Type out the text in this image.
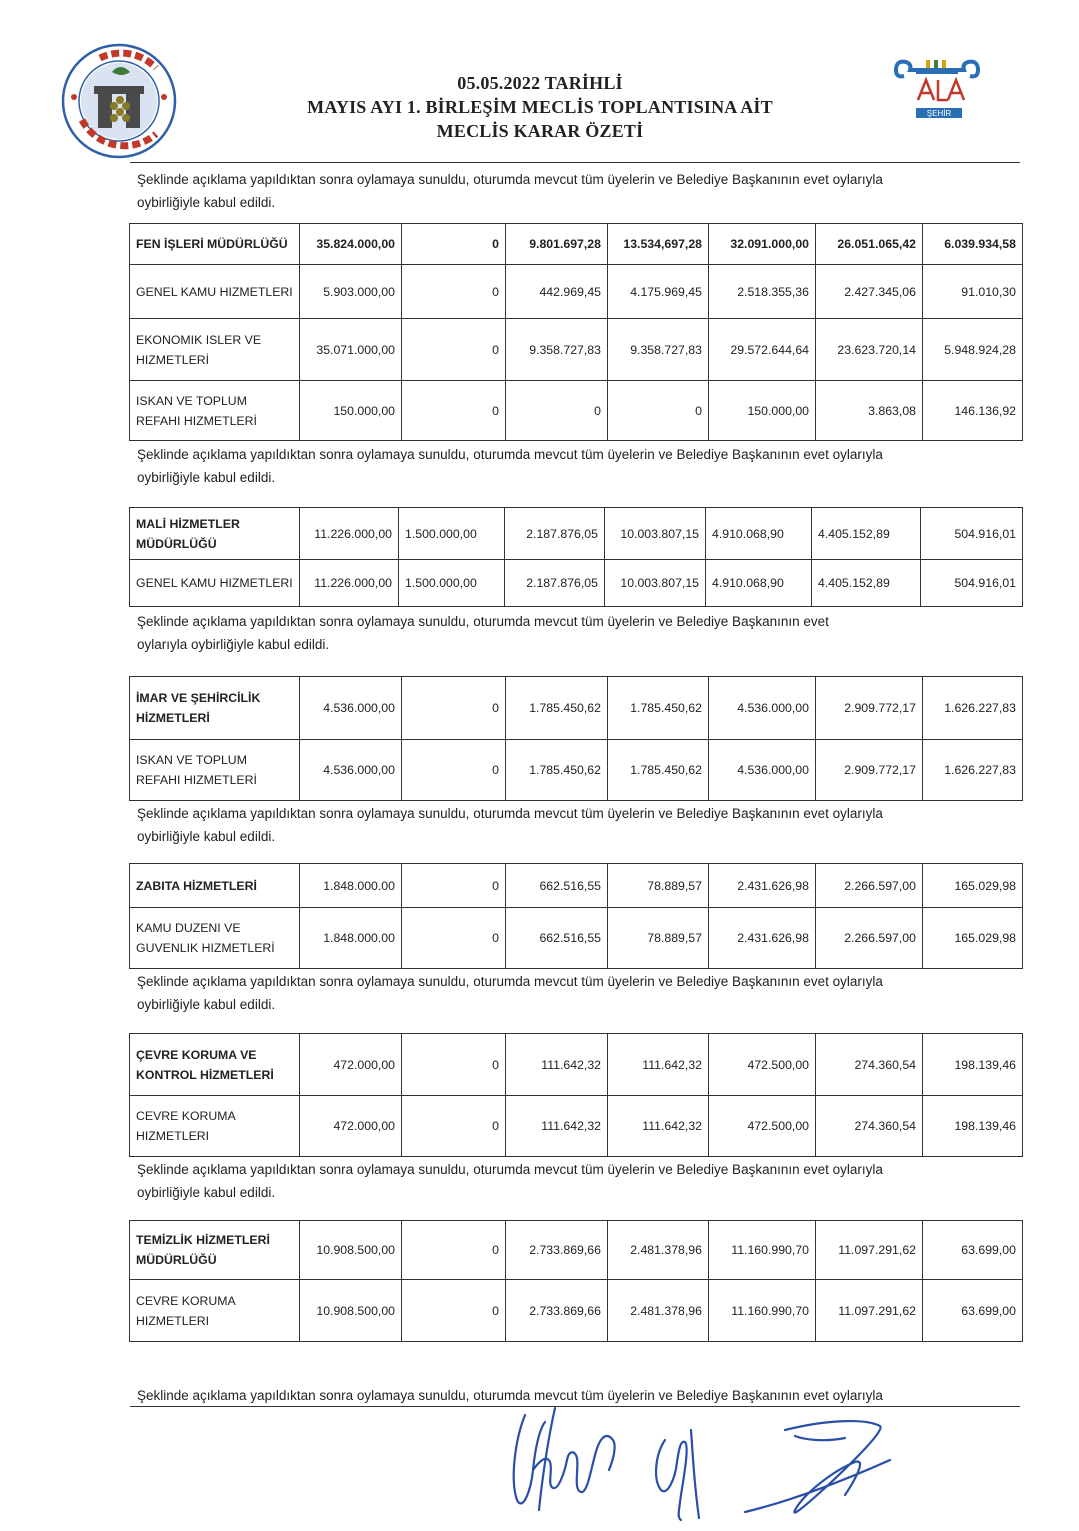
ŞEHİR
05.05.2022 TARİHLİ
MAYIS AYI 1. BİRLEŞİM MECLİS TOPLANTISINA AİT
MECLİS KARAR ÖZETİ
Şeklinde açıklama yapıldıktan sonra oylamaya sunuldu, oturumda mevcut tüm üyelerin ve Belediye Başkanının evet oylarıyla
oybirliğiyle kabul edildi.
FEN İŞLERİ MÜDÜRLÜĞÜ	35.824.000,00	0	9.801.697,28	13.534,697,28	32.091.000,00	26.051.065,42	6.039.934,58
GENEL KAMU HIZMETLERI	5.903.000,00	0	442.969,45	4.175.969,45	2.518.355,36	2.427.345,06	91.010,30
EKONOMIK ISLER VE HIZMETLERİ	35.071.000,00	0	9.358.727,83	9.358.727,83	29.572.644,64	23.623.720,14	5.948.924,28
ISKAN VE TOPLUM REFAHI HIZMETLERİ	150.000,00	0	0	0	150.000,00	3.863,08	146.136,92
Şeklinde açıklama yapıldıktan sonra oylamaya sunuldu, oturumda mevcut tüm üyelerin ve Belediye Başkanının evet oylarıyla
oybirliğiyle kabul edildi.
MALİ HİZMETLER MÜDÜRLÜĞÜ	11.226.000,00	1.500.000,00	2.187.876,05	10.003.807,15	4.910.068,90	4.405.152,89	504.916,01
GENEL KAMU HIZMETLERI	11.226.000,00	1.500.000,00	2.187.876,05	10.003.807,15	4.910.068,90	4.405.152,89	504.916,01
Şeklinde açıklama yapıldıktan sonra oylamaya sunuldu, oturumda mevcut tüm üyelerin ve Belediye Başkanının evet
oylarıyla oybirliğiyle kabul edildi.
İMAR VE ŞEHİRCİLİK HİZMETLERİ	4.536.000,00	0	1.785.450,62	1.785.450,62	4.536.000,00	2.909.772,17	1.626.227,83
ISKAN VE TOPLUM REFAHI HIZMETLERİ	4.536.000,00	0	1.785.450,62	1.785.450,62	4.536.000,00	2.909.772,17	1.626.227,83
Şeklinde açıklama yapıldıktan sonra oylamaya sunuldu, oturumda mevcut tüm üyelerin ve Belediye Başkanının evet oylarıyla
oybirliğiyle kabul edildi.
ZABITA HİZMETLERİ	1.848.000.00	0	662.516,55	78.889,57	2.431.626,98	2.266.597,00	165.029,98
KAMU DUZENI VE GUVENLIK HIZMETLERİ	1.848.000.00	0	662.516,55	78.889,57	2.431.626,98	2.266.597,00	165.029,98
Şeklinde açıklama yapıldıktan sonra oylamaya sunuldu, oturumda mevcut tüm üyelerin ve Belediye Başkanının evet oylarıyla
oybirliğiyle kabul edildi.
ÇEVRE KORUMA VE KONTROL HİZMETLERİ	472.000,00	0	111.642,32	111.642,32	472.500,00	274.360,54	198.139,46
CEVRE KORUMA HIZMETLERI	472.000,00	0	111.642,32	111.642,32	472.500,00	274.360,54	198.139,46
Şeklinde açıklama yapıldıktan sonra oylamaya sunuldu, oturumda mevcut tüm üyelerin ve Belediye Başkanının evet oylarıyla
oybirliğiyle kabul edildi.
TEMİZLİK HİZMETLERİ MÜDÜRLÜĞÜ	10.908.500,00	0	2.733.869,66	2.481.378,96	11.160.990,70	11.097.291,62	63.699,00
CEVRE KORUMA HIZMETLERI	10.908.500,00	0	2.733.869,66	2.481.378,96	11.160.990,70	11.097.291,62	63.699,00
Şeklinde açıklama yapıldıktan sonra oylamaya sunuldu, oturumda mevcut tüm üyelerin ve Belediye Başkanının evet oylarıyla
